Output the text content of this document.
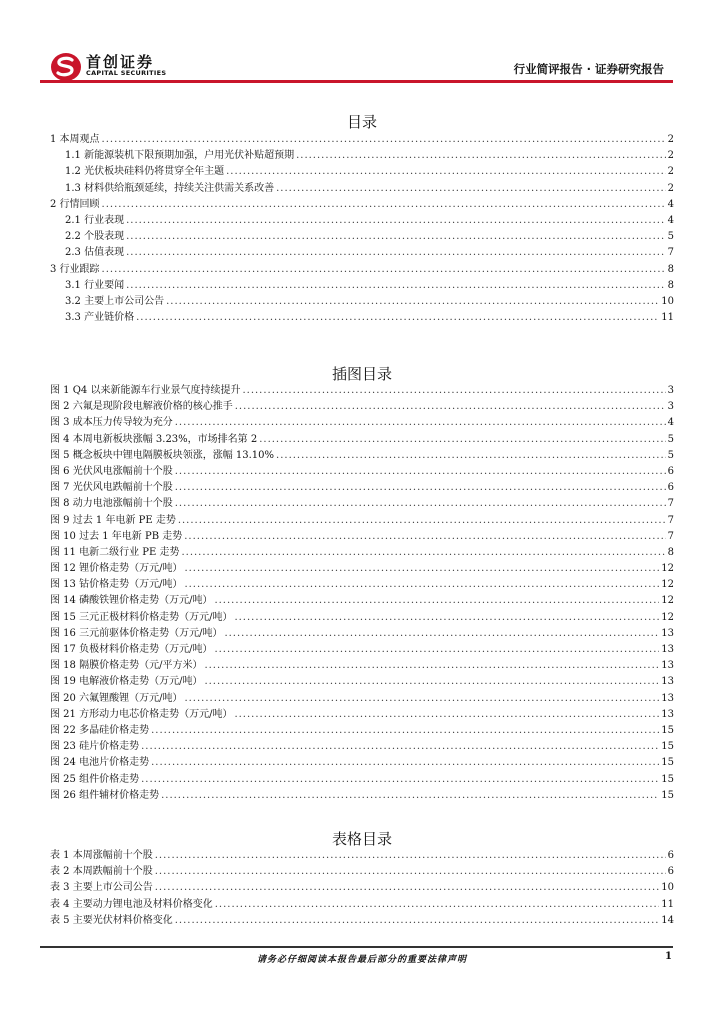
首创证券
CAPITAL SECURITIES	行业简评报告 · 证券研究报告
目录
1 本周观点 .....	2
1.1 新能源装机下限预期加强，户用光伏补贴超预期 .....	2
1.2 光伏板块硅料仍将贯穿全年主题 .....	2
1.3 材料供给瓶颈延续，持续关注供需关系改善 .....	2
2 行情回顾 .....	4
2.1 行业表现 .....	4
2.2 个股表现 .....	5
2.3 估值表现 .....	7
3 行业跟踪 .....	8
3.1 行业要闻 .....	8
3.2 主要上市公司公告 .....	10
3.3 产业链价格 .....	11
插图目录
图 1 Q4 以来新能源车行业景气度持续提升 .....	3
图 2 六氟是现阶段电解液价格的核心推手 .....	3
图 3 成本压力传导较为充分 .....	4
图 4 本周电新板块涨幅 3.23%，市场排名第 2 .....	5
图 5 概念板块中锂电隔膜板块领涨，涨幅 13.10% .....	5
图 6 光伏风电涨幅前十个股 .....	6
图 7 光伏风电跌幅前十个股 .....	6
图 8 动力电池涨幅前十个股 .....	7
图 9 过去 1 年电新 PE 走势 .....	7
图 10 过去 1 年电新 PB 走势 .....	7
图 11 电新二级行业 PE 走势 .....	8
图 12 锂价格走势（万元/吨） .....	12
图 13 钴价格走势（万元/吨） .....	12
图 14 磷酸铁锂价格走势（万元/吨） .....	12
图 15 三元正极材料价格走势（万元/吨） .....	12
图 16 三元前驱体价格走势（万元/吨） .....	13
图 17 负极材料价格走势（万元/吨） .....	13
图 18 隔膜价格走势（元/平方米） .....	13
图 19 电解液价格走势（万元/吨） .....	13
图 20 六氟锂酸锂（万元/吨） .....	13
图 21 方形动力电芯价格走势（万元/吨） .....	13
图 22 多晶硅价格走势 .....	15
图 23 硅片价格走势 .....	15
图 24 电池片价格走势 .....	15
图 25 组件价格走势 .....	15
图 26 组件辅材价格走势 .....	15
表格目录
表 1 本周涨幅前十个股 .....	6
表 2 本周跌幅前十个股 .....	6
表 3 主要上市公司公告 .....	10
表 4 主要动力锂电池及材料价格变化 .....	11
表 5 主要光伏材料价格变化 .....	14
请务必仔细阅读本报告最后部分的重要法律声明	1
